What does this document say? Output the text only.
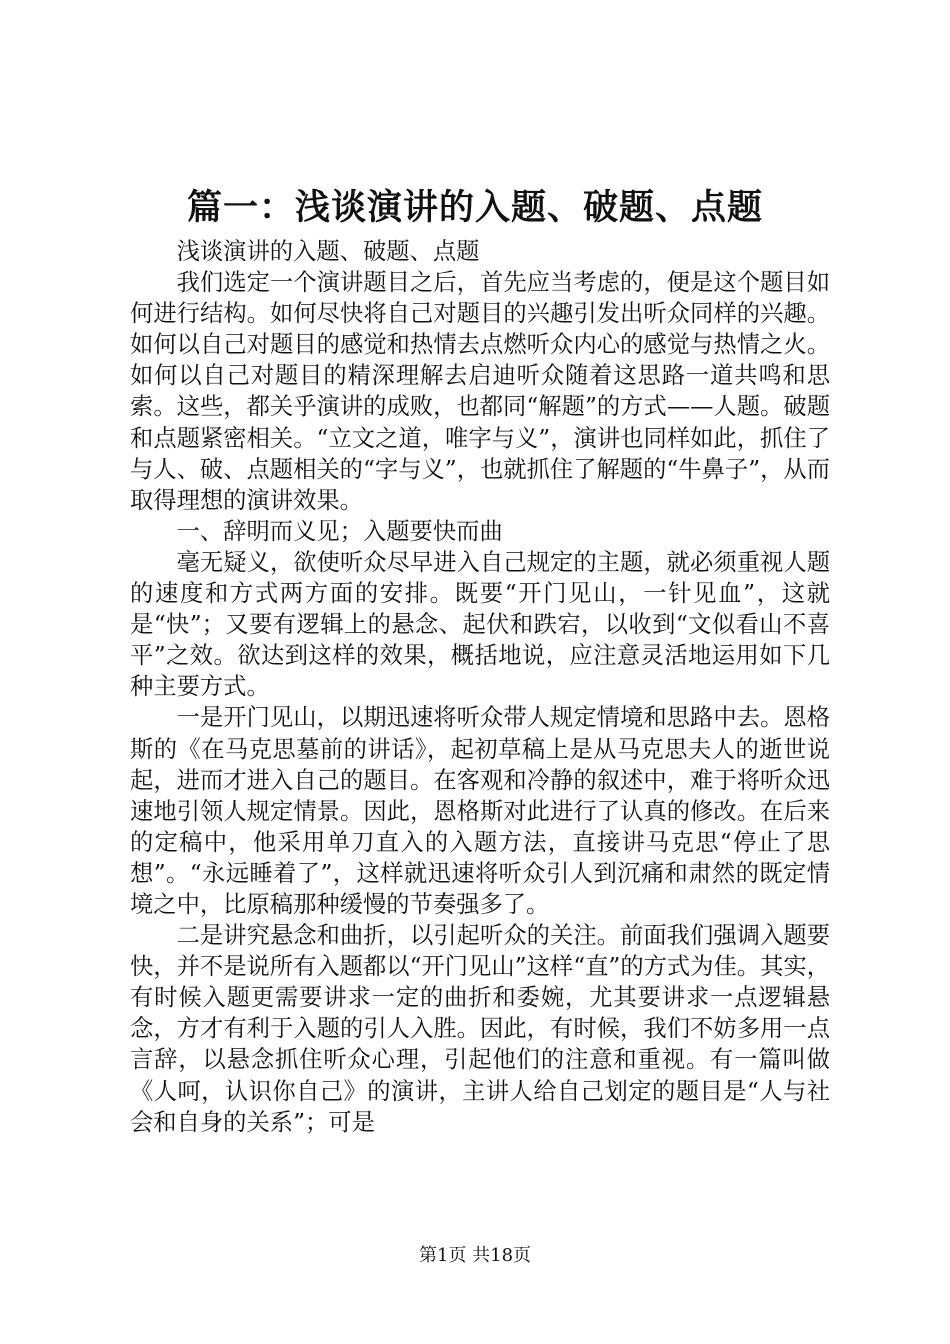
篇一：浅谈演讲的入题、破题、点题

浅谈演讲的入题、破题、点题

我们选定一个演讲题目之后，首先应当考虑的，便是这个题目如何进行结构。如何尽快将自己对题目的兴趣引发出听众同样的兴趣。如何以自己对题目的感觉和热情去点燃听众内心的感觉与热情之火。如何以自己对题目的精深理解去启迪听众随着这思路一道共鸣和思索。这些，都关乎演讲的成败，也都同“解题”的方式——人题。破题和点题紧密相关。“立文之道，唯字与义”，演讲也同样如此，抓住了与人、破、点题相关的“字与义”，也就抓住了解题的“牛鼻子”，从而取得理想的演讲效果。

一、辞明而义见；入题要快而曲

毫无疑义，欲使听众尽早进入自己规定的主题，就必须重视人题的速度和方式两方面的安排。既要“开门见山，一针见血”，这就是“快”；又要有逻辑上的悬念、起伏和跌宕，以收到“文似看山不喜平”之效。欲达到这样的效果，概括地说，应注意灵活地运用如下几种主要方式。

一是开门见山，以期迅速将听众带人规定情境和思路中去。恩格斯的《在马克思墓前的讲话》，起初草稿上是从马克思夫人的逝世说起，进而才进入自己的题目。在客观和冷静的叙述中，难于将听众迅速地引领人规定情景。因此，恩格斯对此进行了认真的修改。在后来的定稿中，他采用单刀直入的入题方法，直接讲马克思“停止了思想”。“永远睡着了”，这样就迅速将听众引人到沉痛和肃然的既定情境之中，比原稿那种缓慢的节奏强多了。

二是讲究悬念和曲折，以引起听众的关注。前面我们强调入题要快，并不是说所有入题都以“开门见山”这样“直”的方式为佳。其实，有时候入题更需要讲求一定的曲折和委婉，尤其要讲求一点逻辑悬念，方才有利于入题的引人入胜。因此，有时候，我们不妨多用一点言辞，以悬念抓住听众心理，引起他们的注意和重视。有一篇叫做《人呵，认识你自己》的演讲，主讲人给自己划定的题目是“人与社会和自身的关系”；可是

第1页 共18页
